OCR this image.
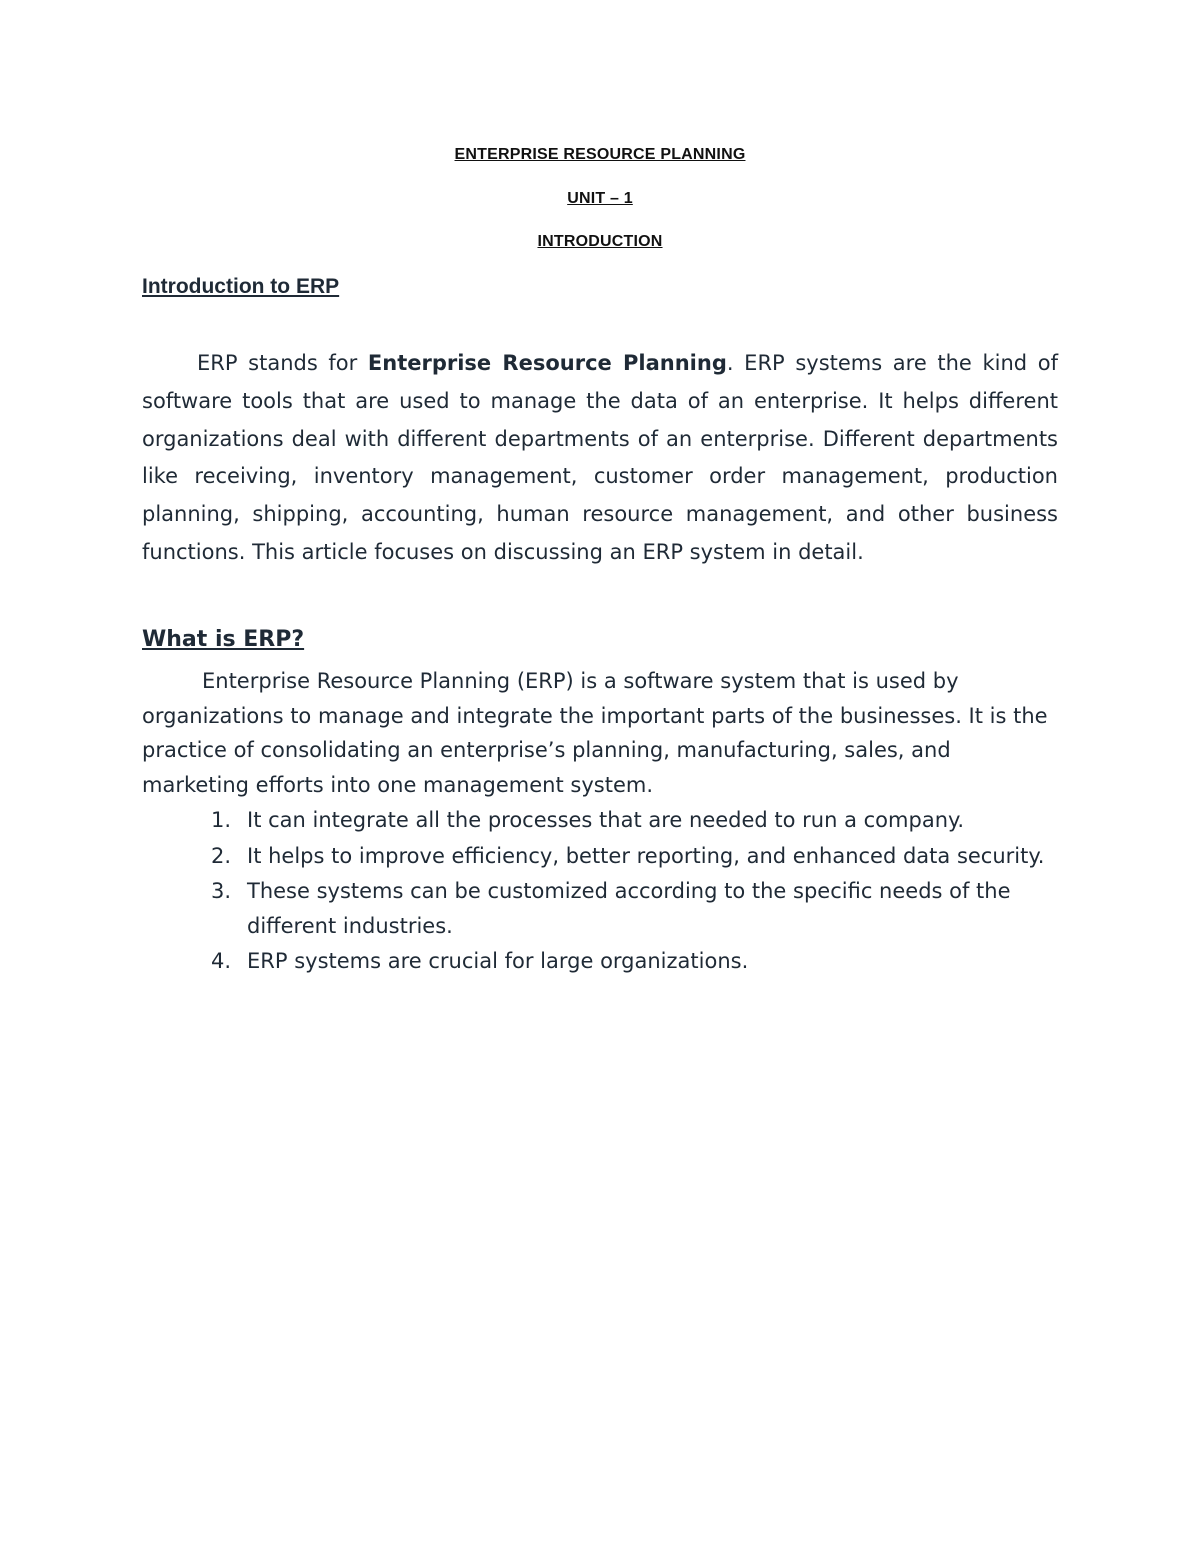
ENTERPRISE RESOURCE PLANNING
UNIT – 1
INTRODUCTION
Introduction to ERP
ERP stands for Enterprise Resource Planning. ERP systems are the kind of software tools that are used to manage the data of an enterprise. It helps different organizations deal with different departments of an enterprise. Different departments like receiving, inventory management, customer order management, production planning, shipping, accounting, human resource management, and other business functions. This article focuses on discussing an ERP system in detail.
What is ERP?
Enterprise Resource Planning (ERP) is a software system that is used by organizations to manage and integrate the important parts of the businesses. It is the practice of consolidating an enterprise’s planning, manufacturing, sales, and marketing efforts into one management system.
1. It can integrate all the processes that are needed to run a company.
2. It helps to improve efficiency, better reporting, and enhanced data security.
3. These systems can be customized according to the specific needs of the different industries.
4. ERP systems are crucial for large organizations.
